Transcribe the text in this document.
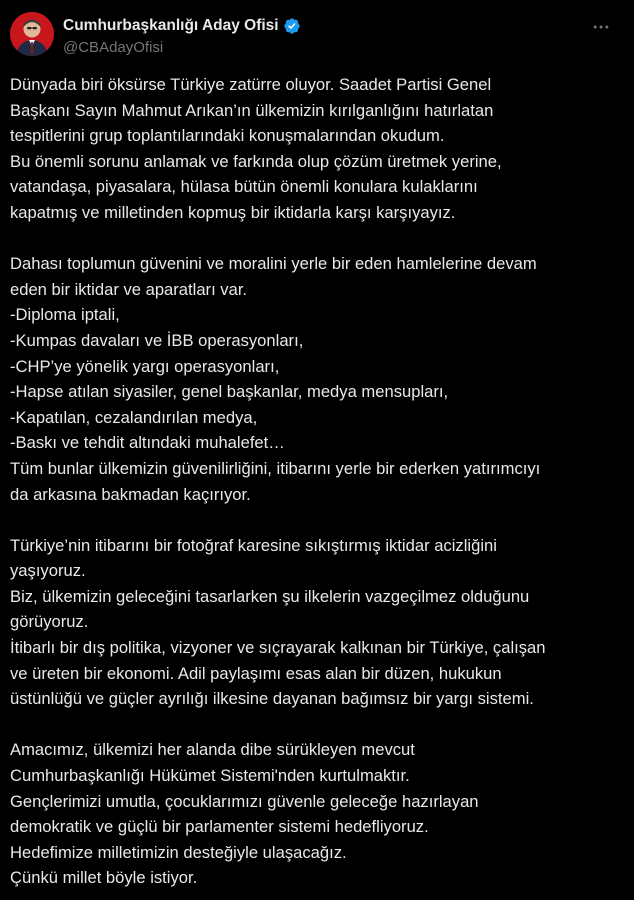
Cumhurbaşkanlığı Aday Ofisi
@CBAdayOfisi
Dünyada biri öksürse Türkiye zatürre oluyor. Saadet Partisi Genel
Başkanı Sayın Mahmut Arıkan’ın ülkemizin kırılganlığını hatırlatan
tespitlerini grup toplantılarındaki konuşmalarından okudum.
Bu önemli sorunu anlamak ve farkında olup çözüm üretmek yerine,
vatandaşa, piyasalara, hülasa bütün önemli konulara kulaklarını
kapatmış ve milletinden kopmuş bir iktidarla karşı karşıyayız.
Dahası toplumun güvenini ve moralini yerle bir eden hamlelerine devam
eden bir iktidar ve aparatları var.
-Diploma iptali,
-Kumpas davaları ve İBB operasyonları,
-CHP’ye yönelik yargı operasyonları,
-Hapse atılan siyasiler, genel başkanlar, medya mensupları,
-Kapatılan, cezalandırılan medya,
-Baskı ve tehdit altındaki muhalefet…
Tüm bunlar ülkemizin güvenilirliğini, itibarını yerle bir ederken yatırımcıyı
da arkasına bakmadan kaçırıyor.
Türkiye’nin itibarını bir fotoğraf karesine sıkıştırmış iktidar acizliğini
yaşıyoruz.
Biz, ülkemizin geleceğini tasarlarken şu ilkelerin vazgeçilmez olduğunu
görüyoruz.
İtibarlı bir dış politika, vizyoner ve sıçrayarak kalkınan bir Türkiye, çalışan
ve üreten bir ekonomi. Adil paylaşımı esas alan bir düzen, hukukun
üstünlüğü ve güçler ayrılığı ilkesine dayanan bağımsız bir yargı sistemi.
Amacımız, ülkemizi her alanda dibe sürükleyen mevcut
Cumhurbaşkanlığı Hükümet Sistemi'nden kurtulmaktır.
Gençlerimizi umutla, çocuklarımızı güvenle geleceğe hazırlayan
demokratik ve güçlü bir parlamenter sistemi hedefliyoruz.
Hedefimize milletimizin desteğiyle ulaşacağız.
Çünkü millet böyle istiyor.
